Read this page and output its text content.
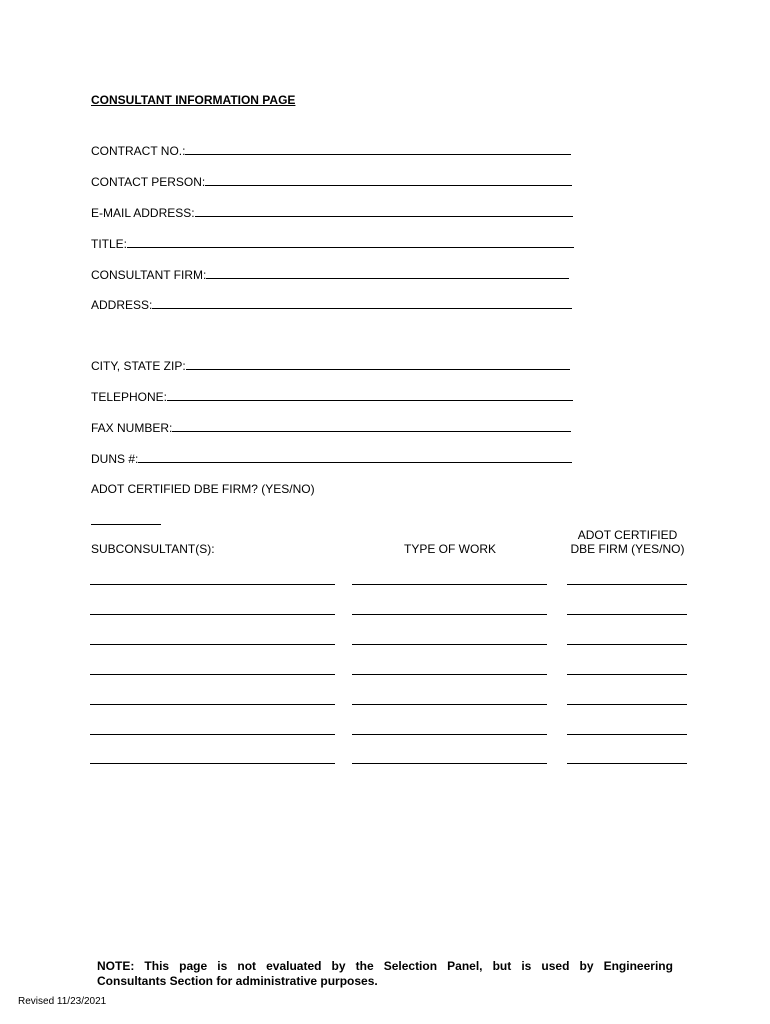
CONSULTANT INFORMATION PAGE
CONTRACT NO.:
CONTACT PERSON:
E-MAIL ADDRESS:
TITLE:
CONSULTANT FIRM:
ADDRESS:
CITY, STATE ZIP:
TELEPHONE:
FAX NUMBER:
DUNS #:
ADOT CERTIFIED DBE FIRM? (YES/NO)
SUBCONSULTANT(S):	TYPE OF WORK
ADOT CERTIFIED
DBE FIRM (YES/NO)
NOTE: This page is not evaluated by the Selection Panel, but is used by Engineering
Consultants Section for administrative purposes.
Revised 11/23/2021
